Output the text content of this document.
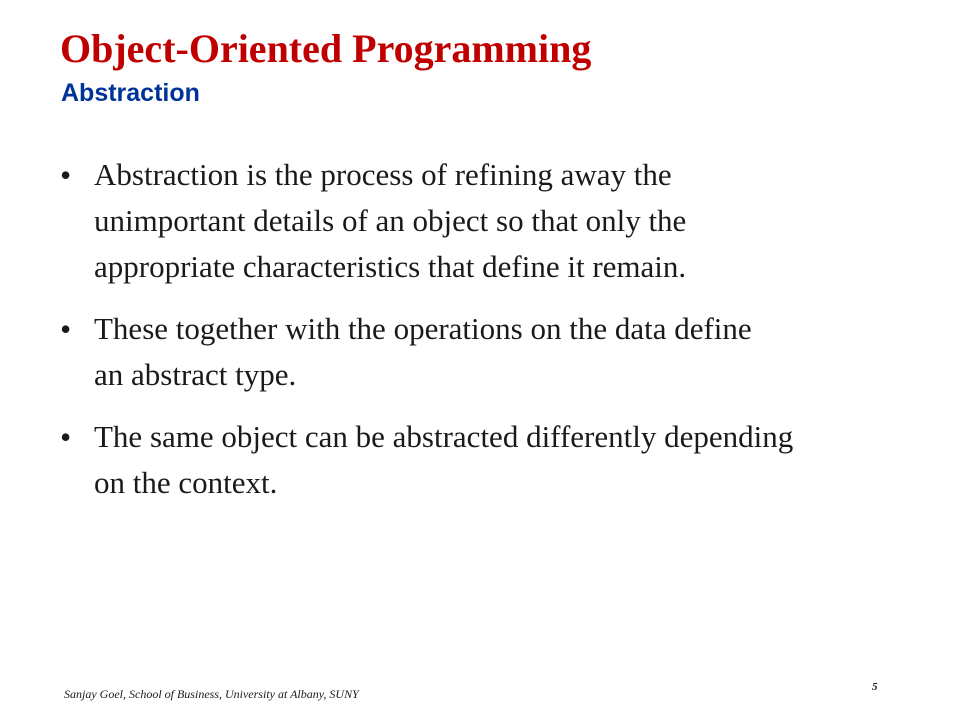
Object-Oriented Programming
Abstraction
• Abstraction is the process of refining away the
unimportant details of an object so that only the
appropriate characteristics that define it remain.
• These together with the operations on the data define
an abstract type.
• The same object can be abstracted differently depending
on the context.

Sanjay Goel, School of Business, University at Albany, SUNY	5
